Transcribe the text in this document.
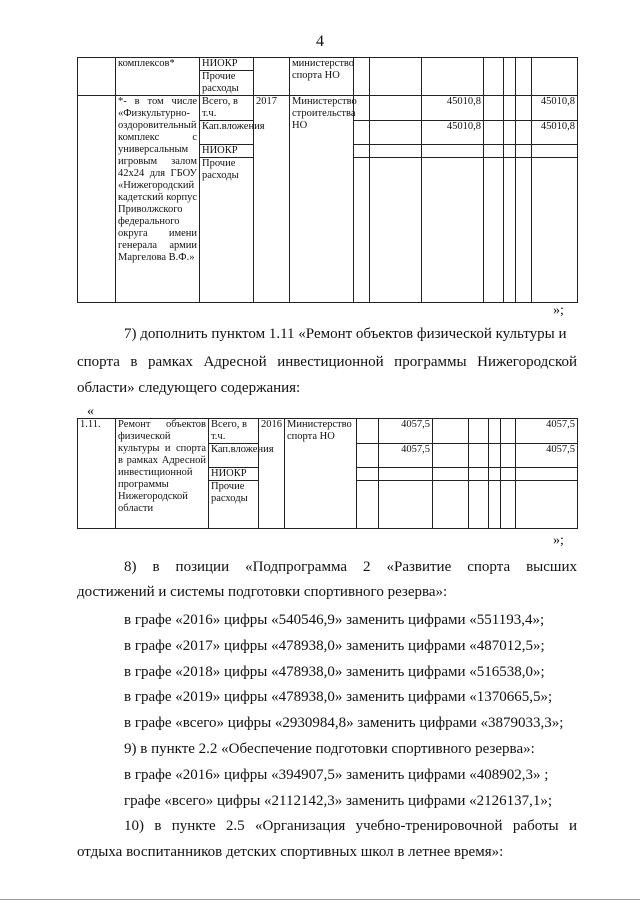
4
	комплексов*	НИОКР		министерство спорта НО							
		Прочие расходы									
	*- в том числе «Физкультурно-оздоровительный комплекс с универсальным игровым залом 42х24 для ГБОУ «Нижегородский кадетский корпус Приволжского федерального округа имени генерала армии Маргелова В.Ф.»	Всего, в т.ч.	2017	Министерство строительства НО			45010,8				45010,8
		Кап.вложения					45010,8				45010,8
		НИОКР									
		Прочие расходы									
»;
7) дополнить пунктом 1.11 «Ремонт объектов физической культуры и
спорта в рамках Адресной инвестиционной программы Нижегородской
области» следующего содержания:
«
1.11.	Ремонт объектов физической культуры и спорта в рамках Адресной инвестиционной программы Нижегородской области	Всего, в т.ч.	2016	Министерство спорта НО		4057,5					4057,5
		Кап.вложения				4057,5					4057,5
		НИОКР									
		Прочие расходы									
»;
8) в позиции «Подпрограмма 2 «Развитие спорта высших
достижений и системы подготовки спортивного резерва»:
в графе «2016» цифры «540546,9» заменить цифрами «551193,4»;
в графе «2017» цифры «478938,0» заменить цифрами «487012,5»;
в графе «2018» цифры «478938,0» заменить цифрами «516538,0»;
в графе «2019» цифры «478938,0» заменить цифрами «1370665,5»;
в графе «всего» цифры «2930984,8» заменить цифрами «3879033,3»;
9) в пункте 2.2 «Обеспечение подготовки спортивного резерва»:
в графе «2016» цифры «394907,5» заменить цифрами «408902,3» ;
графе «всего» цифры «2112142,3» заменить цифрами «2126137,1»;
10) в пункте 2.5 «Организация учебно-тренировочной работы и
отдыха воспитанников детских спортивных школ в летнее время»:
